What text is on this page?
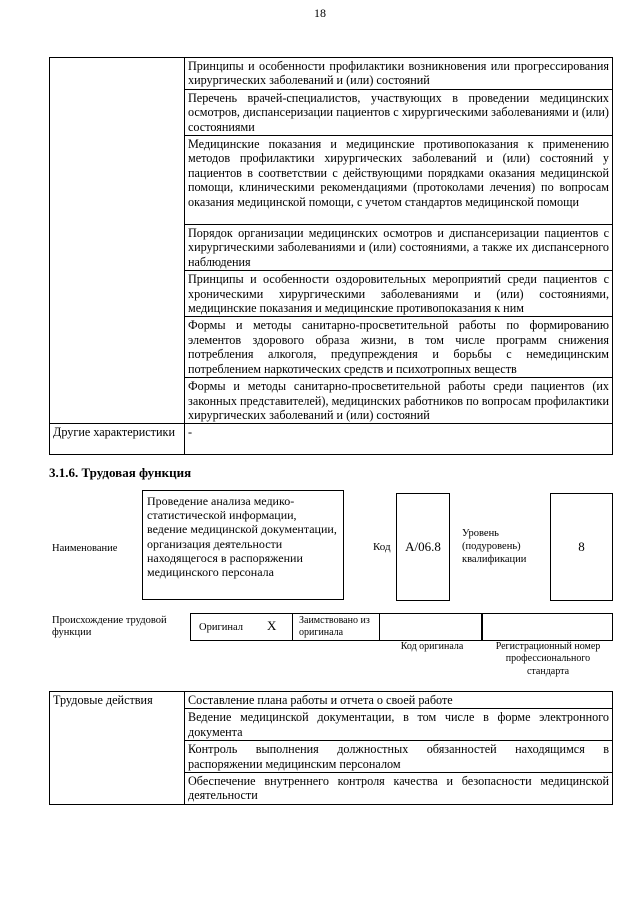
18
	Принципы и особенности профилактики возникновения или прогрессирования хирургических заболеваний и (или) состояний
	Перечень врачей-специалистов, участвующих в проведении медицинских осмотров, диспансеризации пациентов с хирургическими заболеваниями и (или) состояниями
	Медицинские показания и медицинские противопоказания к применению методов профилактики хирургических заболеваний и (или) состояний у пациентов в соответствии с действующими порядками оказания медицинской помощи, клиническими рекомендациями (протоколами лечения) по вопросам оказания медицинской помощи, с учетом стандартов медицинской помощи
	Порядок организации медицинских осмотров и диспансеризации пациентов с хирургическими заболеваниями и (или) состояниями, а также их диспансерного наблюдения
	Принципы и особенности оздоровительных мероприятий среди пациентов с хроническими хирургическими заболеваниями и (или) состояниями, медицинские показания и медицинские противопоказания к ним
	Формы и методы санитарно-просветительной работы по формированию элементов здорового образа жизни, в том числе программ снижения потребления алкоголя, предупреждения и борьбы с немедицинским потреблением наркотических средств и психотропных веществ
	Формы и методы санитарно-просветительной работы среди пациентов (их законных представителей), медицинских работников по вопросам профилактики хирургических заболеваний и (или) состояний
Другие характеристики	-
3.1.6. Трудовая функция
Наименование
Проведение анализа медико-статистической информации, ведение медицинской документации, организация деятельности находящегося в распоряжении медицинского персонала
Код	A/06.8
Уровень (подуровень) квалификации
8
Происхождение трудовой функции	Оригинал X	Заимствовано из оригинала
Код оригинала	Регистрационный номер профессионального стандарта
Трудовые действия	Составление плана работы и отчета о своей работе
Ведение медицинской документации, в том числе в форме электронного документа
Контроль выполнения должностных обязанностей находящимся в распоряжении медицинским персоналом
Обеспечение внутреннего контроля качества и безопасности медицинской деятельности
